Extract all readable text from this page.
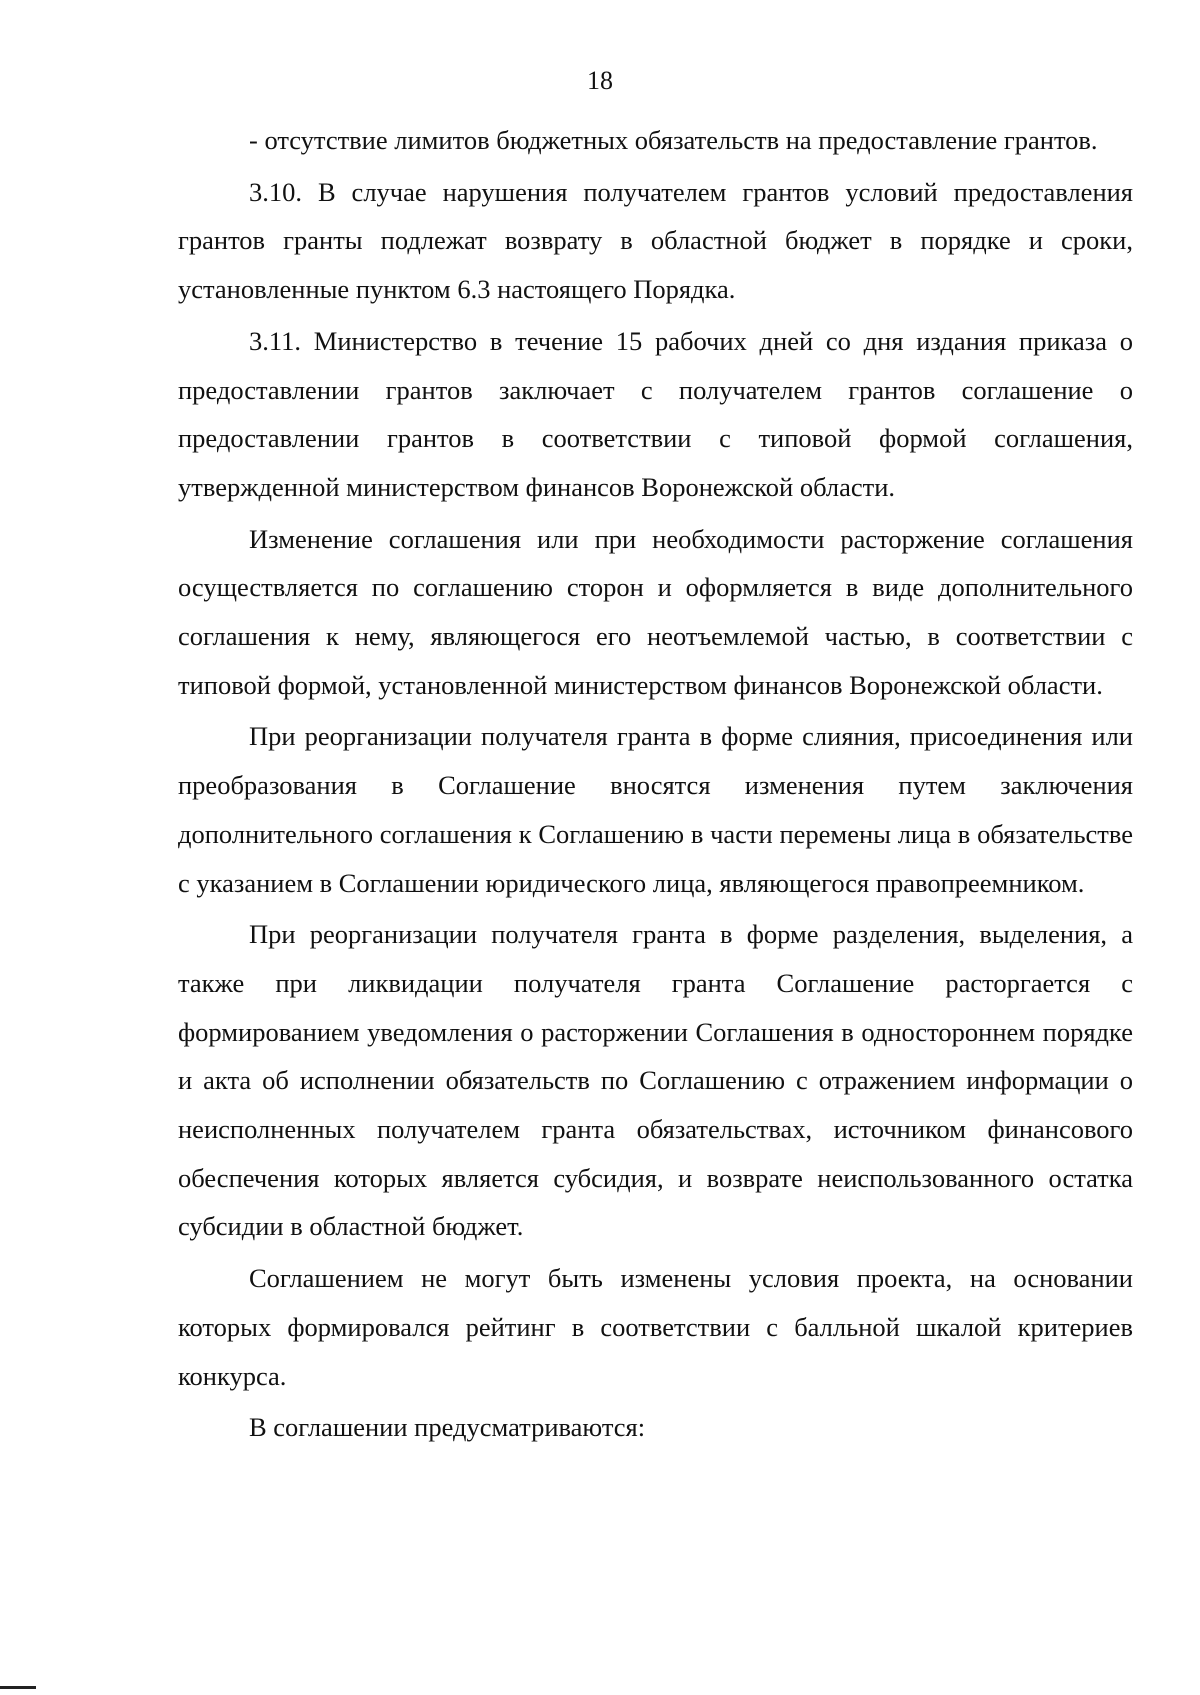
18

- отсутствие лимитов бюджетных обязательств на предоставление грантов.

3.10. В случае нарушения получателем грантов условий предоставления грантов гранты подлежат возврату в областной бюджет в порядке и сроки, установленные пунктом 6.3 настоящего Порядка.

3.11. Министерство в течение 15 рабочих дней со дня издания приказа о предоставлении грантов заключает с получателем грантов соглашение о предоставлении грантов в соответствии с типовой формой соглашения, утвержденной министерством финансов Воронежской области.

Изменение соглашения или при необходимости расторжение соглашения осуществляется по соглашению сторон и оформляется в виде дополнительного соглашения к нему, являющегося его неотъемлемой частью, в соответствии с типовой формой, установленной министерством финансов Воронежской области.

При реорганизации получателя гранта в форме слияния, присоединения или преобразования в Соглашение вносятся изменения путем заключения дополнительного соглашения к Соглашению в части перемены лица в обязательстве с указанием в Соглашении юридического лица, являющегося правопреемником.

При реорганизации получателя гранта в форме разделения, выделения, а также при ликвидации получателя гранта Соглашение расторгается с формированием уведомления о расторжении Соглашения в одностороннем порядке и акта об исполнении обязательств по Соглашению с отражением информации о неисполненных получателем гранта обязательствах, источником финансового обеспечения которых является субсидия, и возврате неиспользованного остатка субсидии в областной бюджет.

Соглашением не могут быть изменены условия проекта, на основании которых формировался рейтинг в соответствии с балльной шкалой критериев конкурса.

В соглашении предусматриваются:
